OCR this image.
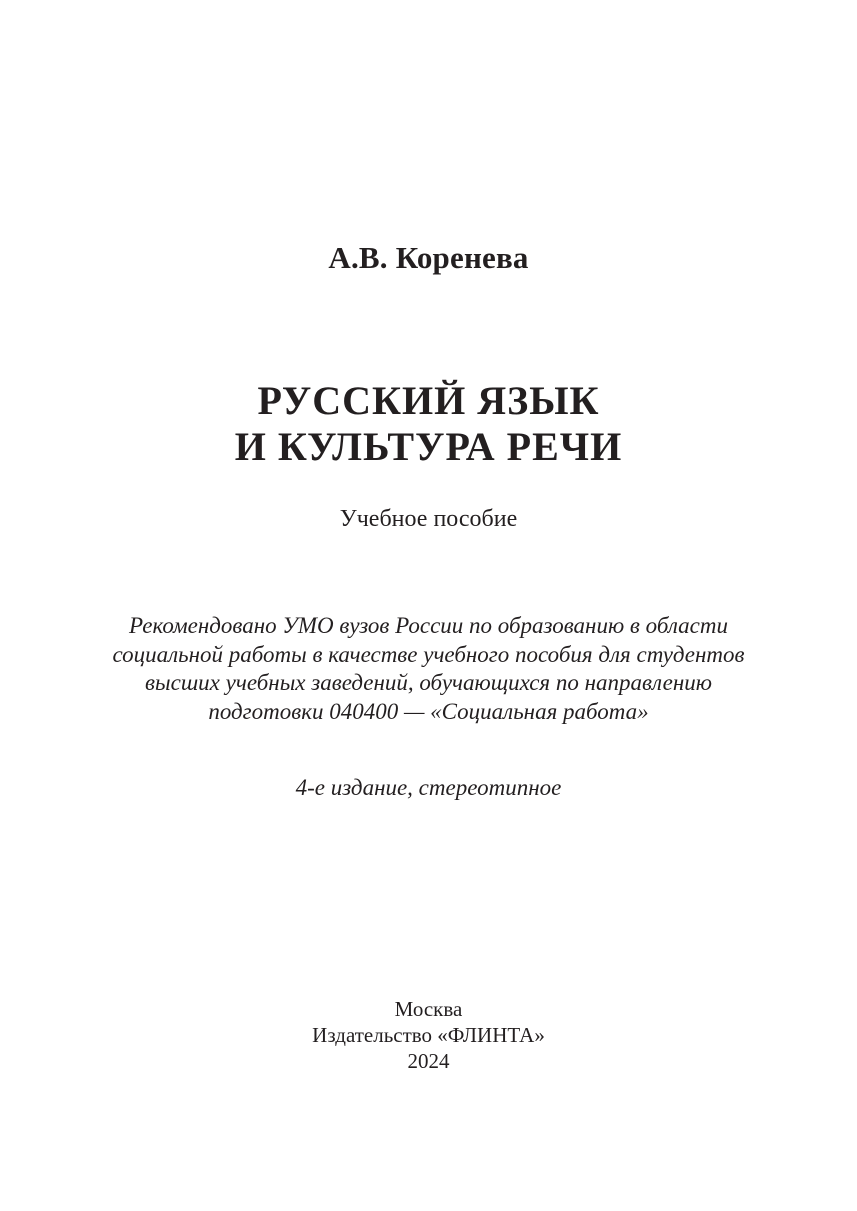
А.В. Коренева
РУССКИЙ ЯЗЫК
И КУЛЬТУРА РЕЧИ
Учебное пособие
Рекомендовано УМО вузов России по образованию в области
социальной работы в качестве учебного пособия для студентов
высших учебных заведений, обучающихся по направлению
подготовки 040400 — «Социальная работа»
4-е издание, стереотипное
Москва
Издательство «ФЛИНТА»
2024
